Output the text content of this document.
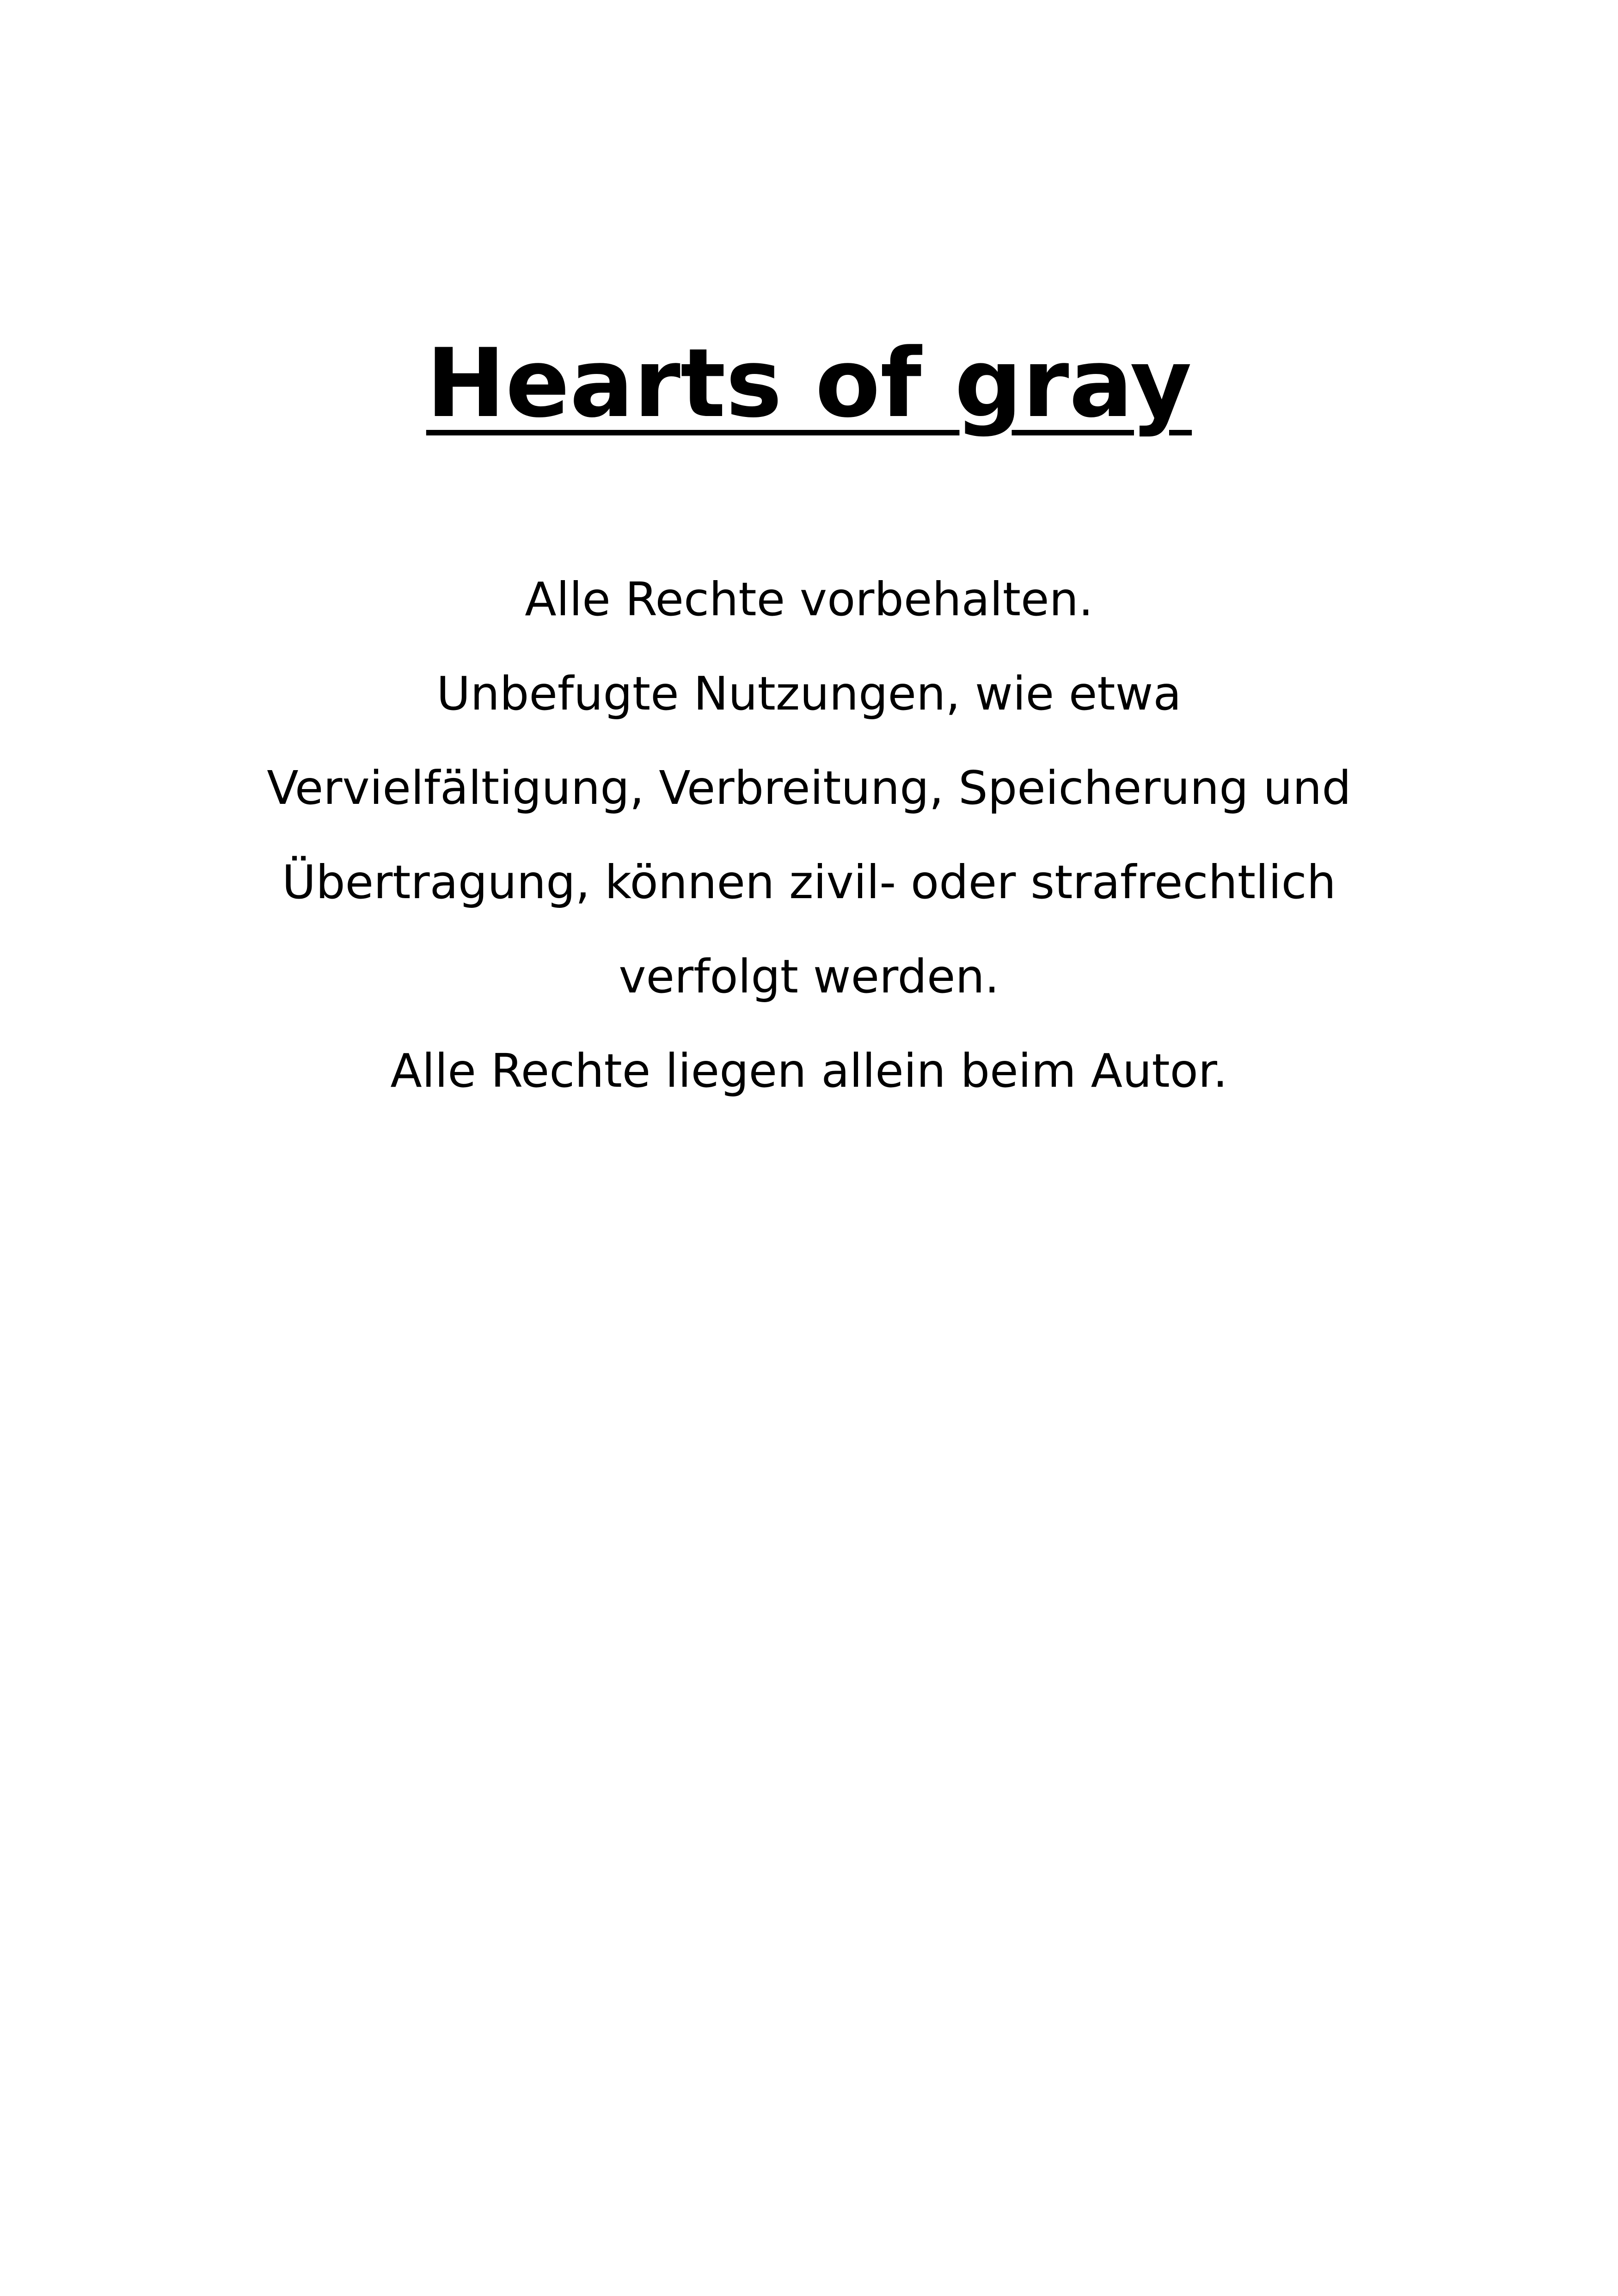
Hearts of gray
Alle Rechte vorbehalten.
Unbefugte Nutzungen, wie etwa
Vervielfältigung, Verbreitung, Speicherung und
Übertragung, können zivil- oder strafrechtlich
verfolgt werden.
Alle Rechte liegen allein beim Autor.
